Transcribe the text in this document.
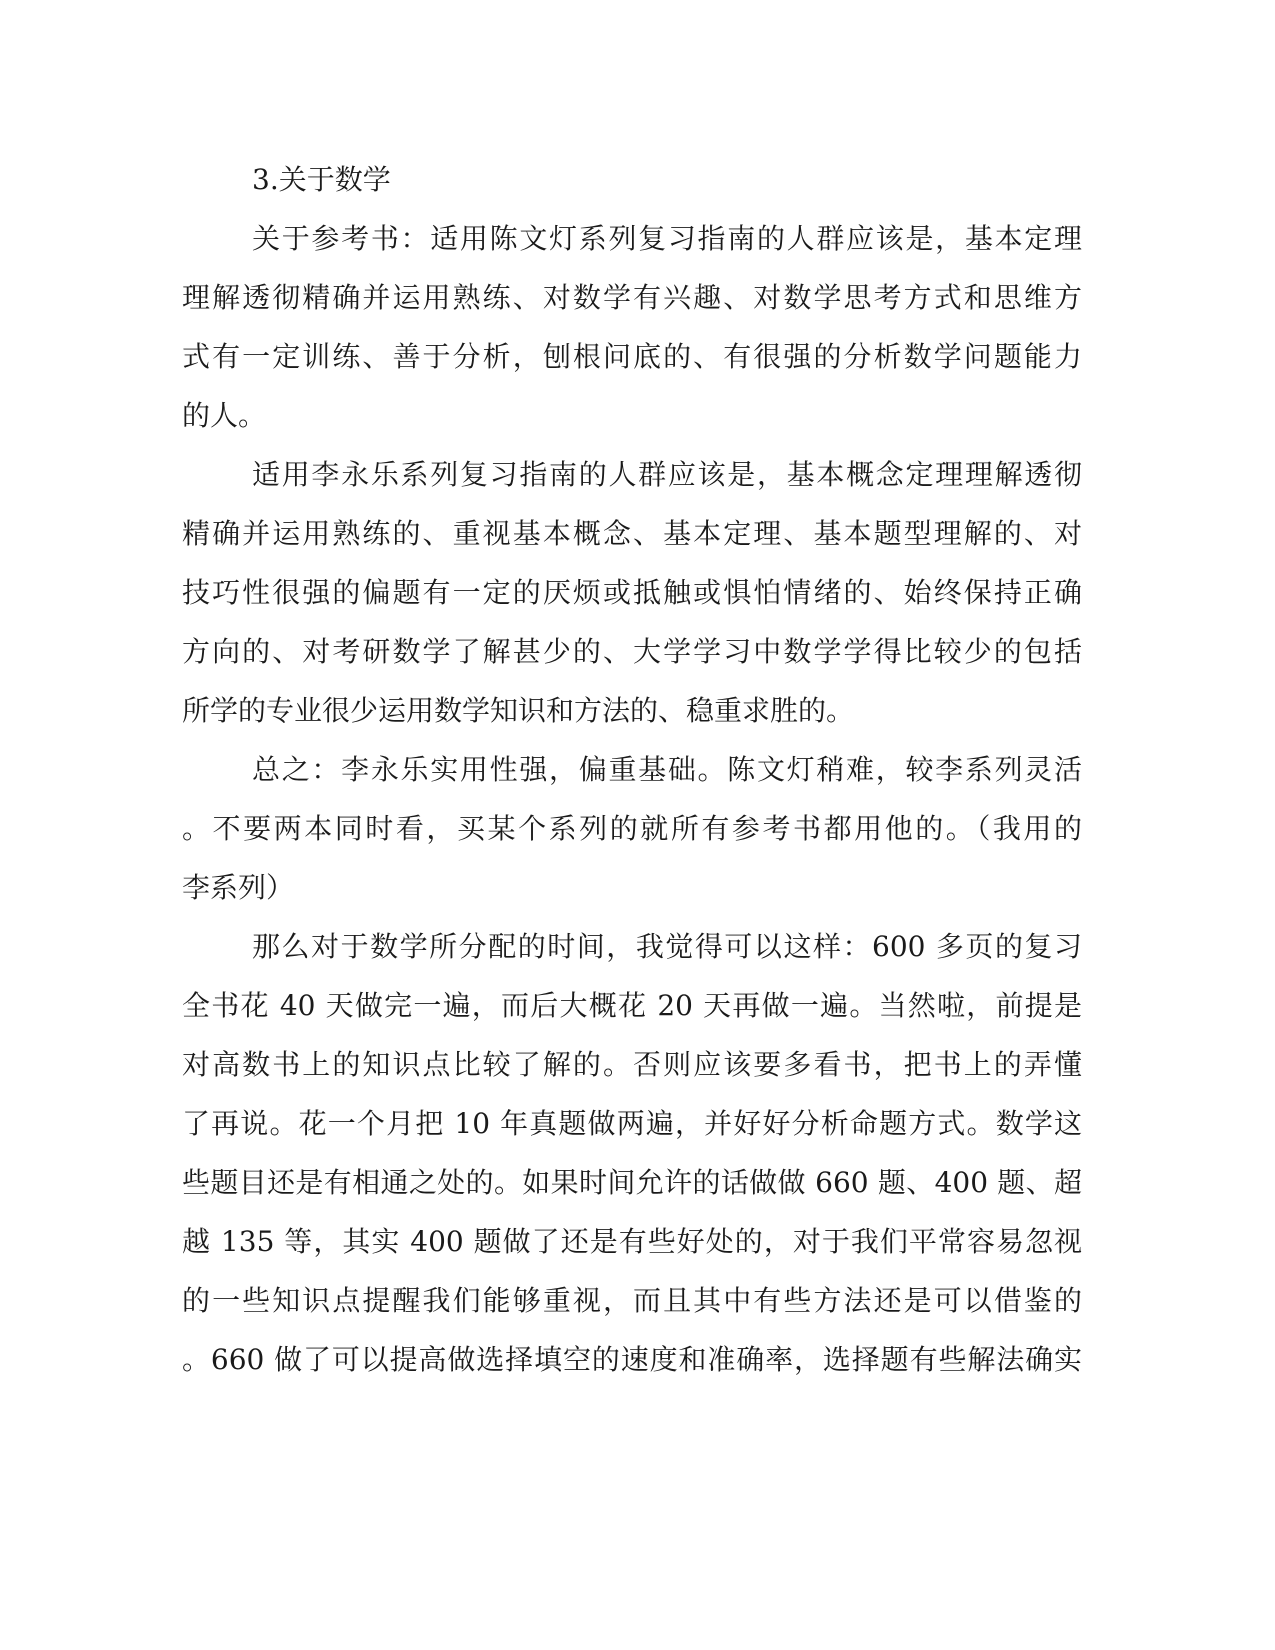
3.关于数学
关于参考书：适用陈文灯系列复习指南的人群应该是，基本定理
理解透彻精确并运用熟练、对数学有兴趣、对数学思考方式和思维方
式有一定训练、善于分析，刨根问底的、有很强的分析数学问题能力
的人。
适用李永乐系列复习指南的人群应该是，基本概念定理理解透彻
精确并运用熟练的、重视基本概念、基本定理、基本题型理解的、对
技巧性很强的偏题有一定的厌烦或抵触或惧怕情绪的、始终保持正确
方向的、对考研数学了解甚少的、大学学习中数学学得比较少的包括
所学的专业很少运用数学知识和方法的、稳重求胜的。
总之：李永乐实用性强，偏重基础。陈文灯稍难，较李系列灵活
。不要两本同时看，买某个系列的就所有参考书都用他的。（我用的
李系列）
那么对于数学所分配的时间，我觉得可以这样：600 多页的复习
全书花 40 天做完一遍，而后大概花 20 天再做一遍。当然啦，前提是
对高数书上的知识点比较了解的。否则应该要多看书，把书上的弄懂
了再说。花一个月把 10 年真题做两遍，并好好分析命题方式。数学这
些题目还是有相通之处的。如果时间允许的话做做 660 题、400 题、超
越 135 等，其实 400 题做了还是有些好处的，对于我们平常容易忽视
的一些知识点提醒我们能够重视，而且其中有些方法还是可以借鉴的
。660 做了可以提高做选择填空的速度和准确率，选择题有些解法确实
